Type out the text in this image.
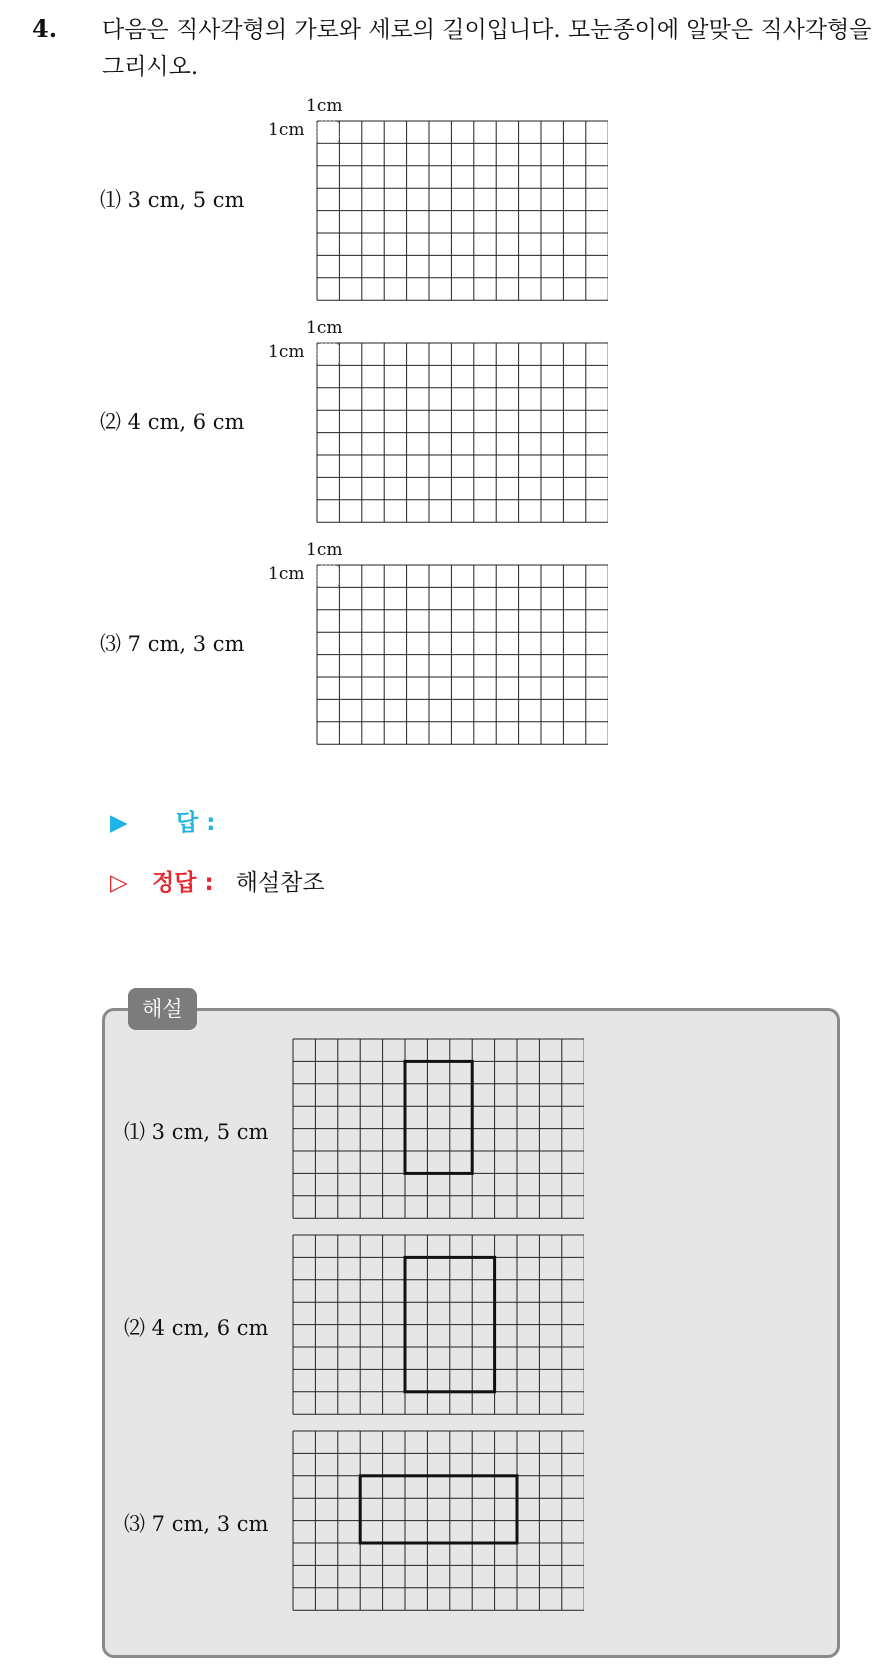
4. 다음은 직사각형의 가로와 세로의 길이입니다. 모눈종이에 알맞은 직사각형을 그리시오.
⑴ 3 cm, 5 cm
1cm
1cm
⑵ 4 cm, 6 cm
1cm
1cm
⑶ 7 cm, 3 cm
1cm
1cm
▶ 답 :
▷ 정답 : 해설참조
해설
⑴ 3 cm, 5 cm
⑵ 4 cm, 6 cm
⑶ 7 cm, 3 cm
